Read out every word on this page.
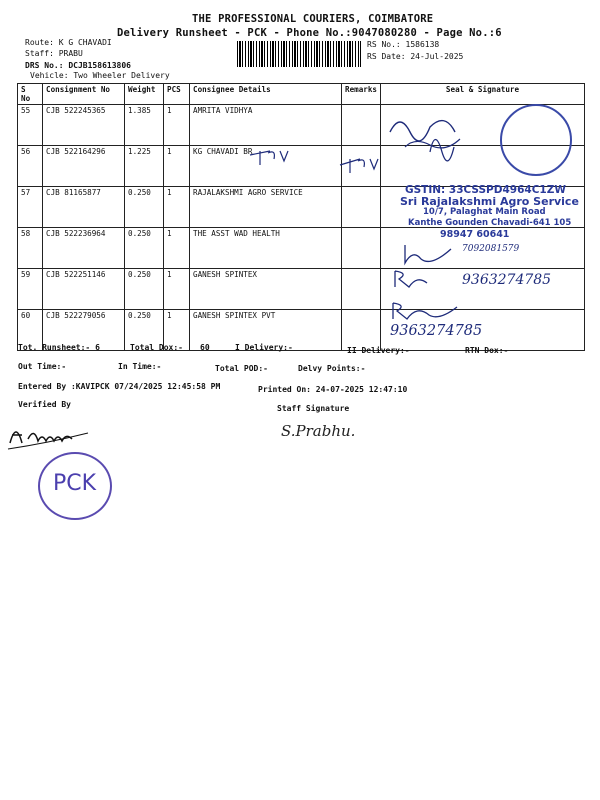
THE PROFESSIONAL COURIERS, COIMBATORE
Delivery Runsheet - PCK - Phone No.:9047080280 - Page No.:6
Route: K G CHAVADI
Staff: PRABU
DRS No.: DCJB158613806
Vehicle: Two Wheeler Delivery
RS No.: 1586138
RS Date: 24-Jul-2025
S No	Consignment No	Weight	PCS	Consignee Details	Remarks	Seal & Signature
55	CJB 522245365	1.385	1	AMRITA VIDHYA		
56	CJB 522164296	1.225	1	KG CHAVADI BR		
57	CJB 81165877	0.250	1	RAJALAKSHMI AGRO SERVICE		
58	CJB 522236964	0.250	1	THE ASST WAD HEALTH		
59	CJB 522251146	0.250	1	GANESH SPINTEX		
60	CJB 522279056	0.250	1	GANESH SPINTEX PVT		
GSTIN: 33CSSPD4964C1ZW
Sri Rajalakshmi Agro Service
10/7, Palaghat Main Road
Kanthe Gounden Chavadi-641 105
98947 60641
7092081579
9363274785
9363274785
Tot. Runsheet:- 6	Total Dox:- 60	I Delivery:-	II Delivery:-	RTN Dox:-
Out Time:-	In Time:-	Total POD:-	Delvy Points:-
Entered By :KAVIPCK 07/24/2025 12:45:58 PM	Printed On: 24-07-2025 12:47:10
Verified By	Staff Signature
S.Prabhu.
PCK
